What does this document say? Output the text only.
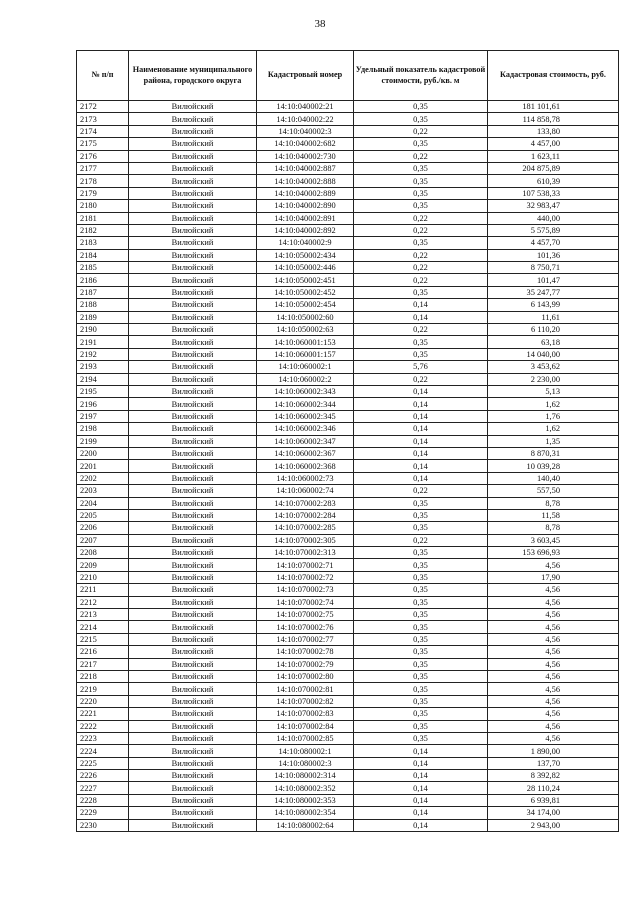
38
№ п/п	Наименование муниципального района, городского округа	Кадастровый номер	Удельный показатель кадастровой стоимости, руб./кв. м	Кадастровая стоимость, руб.
2172	Вилюйский	14:10:040002:21	0,35	181 101,61
2173	Вилюйский	14:10:040002:22	0,35	114 858,78
2174	Вилюйский	14:10:040002:3	0,22	133,80
2175	Вилюйский	14:10:040002:682	0,35	4 457,00
2176	Вилюйский	14:10:040002:730	0,22	1 623,11
2177	Вилюйский	14:10:040002:887	0,35	204 875,89
2178	Вилюйский	14:10:040002:888	0,35	610,39
2179	Вилюйский	14:10:040002:889	0,35	107 538,33
2180	Вилюйский	14:10:040002:890	0,35	32 983,47
2181	Вилюйский	14:10:040002:891	0,22	440,00
2182	Вилюйский	14:10:040002:892	0,22	5 575,89
2183	Вилюйский	14:10:040002:9	0,35	4 457,70
2184	Вилюйский	14:10:050002:434	0,22	101,36
2185	Вилюйский	14:10:050002:446	0,22	8 750,71
2186	Вилюйский	14:10:050002:451	0,22	101,47
2187	Вилюйский	14:10:050002:452	0,35	35 247,77
2188	Вилюйский	14:10:050002:454	0,14	6 143,99
2189	Вилюйский	14:10:050002:60	0,14	11,61
2190	Вилюйский	14:10:050002:63	0,22	6 110,20
2191	Вилюйский	14:10:060001:153	0,35	63,18
2192	Вилюйский	14:10:060001:157	0,35	14 040,00
2193	Вилюйский	14:10:060002:1	5,76	3 453,62
2194	Вилюйский	14:10:060002:2	0,22	2 230,00
2195	Вилюйский	14:10:060002:343	0,14	5,13
2196	Вилюйский	14:10:060002:344	0,14	1,62
2197	Вилюйский	14:10:060002:345	0,14	1,76
2198	Вилюйский	14:10:060002:346	0,14	1,62
2199	Вилюйский	14:10:060002:347	0,14	1,35
2200	Вилюйский	14:10:060002:367	0,14	8 870,31
2201	Вилюйский	14:10:060002:368	0,14	10 039,28
2202	Вилюйский	14:10:060002:73	0,14	140,40
2203	Вилюйский	14:10:060002:74	0,22	557,50
2204	Вилюйский	14:10:070002:283	0,35	8,78
2205	Вилюйский	14:10:070002:284	0,35	11,58
2206	Вилюйский	14:10:070002:285	0,35	8,78
2207	Вилюйский	14:10:070002:305	0,22	3 603,45
2208	Вилюйский	14:10:070002:313	0,35	153 696,93
2209	Вилюйский	14:10:070002:71	0,35	4,56
2210	Вилюйский	14:10:070002:72	0,35	17,90
2211	Вилюйский	14:10:070002:73	0,35	4,56
2212	Вилюйский	14:10:070002:74	0,35	4,56
2213	Вилюйский	14:10:070002:75	0,35	4,56
2214	Вилюйский	14:10:070002:76	0,35	4,56
2215	Вилюйский	14:10:070002:77	0,35	4,56
2216	Вилюйский	14:10:070002:78	0,35	4,56
2217	Вилюйский	14:10:070002:79	0,35	4,56
2218	Вилюйский	14:10:070002:80	0,35	4,56
2219	Вилюйский	14:10:070002:81	0,35	4,56
2220	Вилюйский	14:10:070002:82	0,35	4,56
2221	Вилюйский	14:10:070002:83	0,35	4,56
2222	Вилюйский	14:10:070002:84	0,35	4,56
2223	Вилюйский	14:10:070002:85	0,35	4,56
2224	Вилюйский	14:10:080002:1	0,14	1 890,00
2225	Вилюйский	14:10:080002:3	0,14	137,70
2226	Вилюйский	14:10:080002:314	0,14	8 392,82
2227	Вилюйский	14:10:080002:352	0,14	28 110,24
2228	Вилюйский	14:10:080002:353	0,14	6 939,81
2229	Вилюйский	14:10:080002:354	0,14	34 174,00
2230	Вилюйский	14:10:080002:64	0,14	2 943,00
